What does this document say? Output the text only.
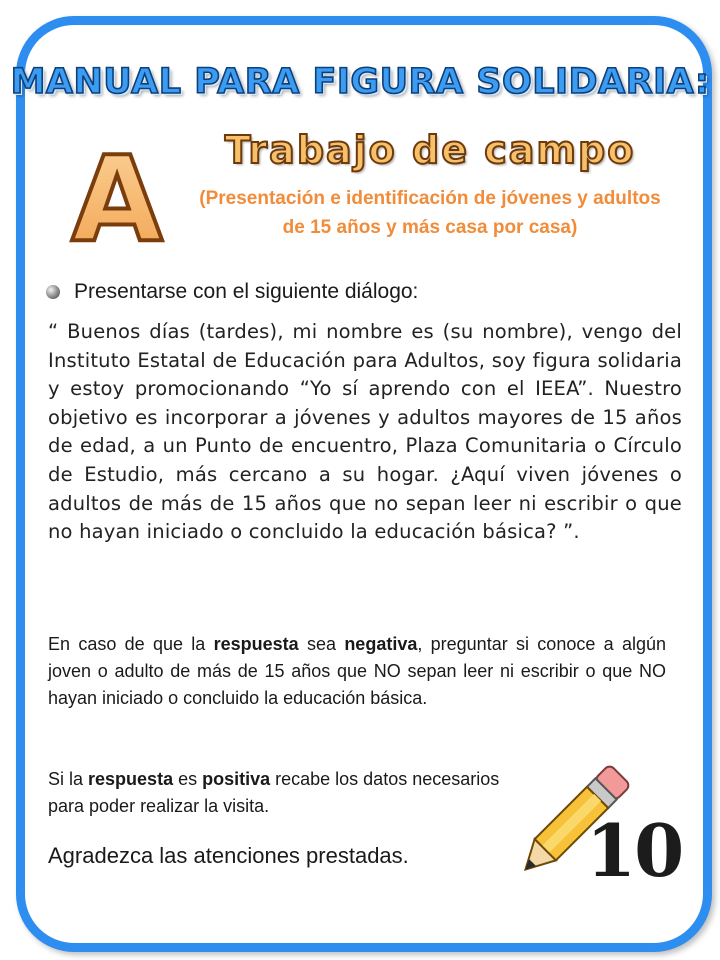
MANUAL PARA FIGURA SOLIDARIA:
A	Trabajo de campo
(Presentación e identificación de jóvenes y adultos de 15 años y más casa por casa)
Presentarse con el siguiente diálogo:
“ Buenos días (tardes), mi nombre es (su nombre), vengo del Instituto Estatal de Educación para Adultos, soy figura solidaria y estoy promocionando “Yo sí aprendo con el IEEA”. Nuestro objetivo es incorporar a jóvenes y adultos mayores de 15 años de edad, a un Punto de encuentro, Plaza Comunitaria o Círculo de Estudio, más cercano a su hogar. ¿Aquí viven jóvenes o adultos de más de 15 años que no sepan leer ni escribir o que no hayan iniciado o concluido la educación básica? ”.
En caso de que la respuesta sea negativa, preguntar si conoce a algún joven o adulto de más de 15 años que NO sepan leer ni escribir o que NO hayan iniciado o concluido la educación básica.
Si la respuesta es positiva recabe los datos necesarios para poder realizar la visita.
Agradezca las atenciones prestadas. 10
